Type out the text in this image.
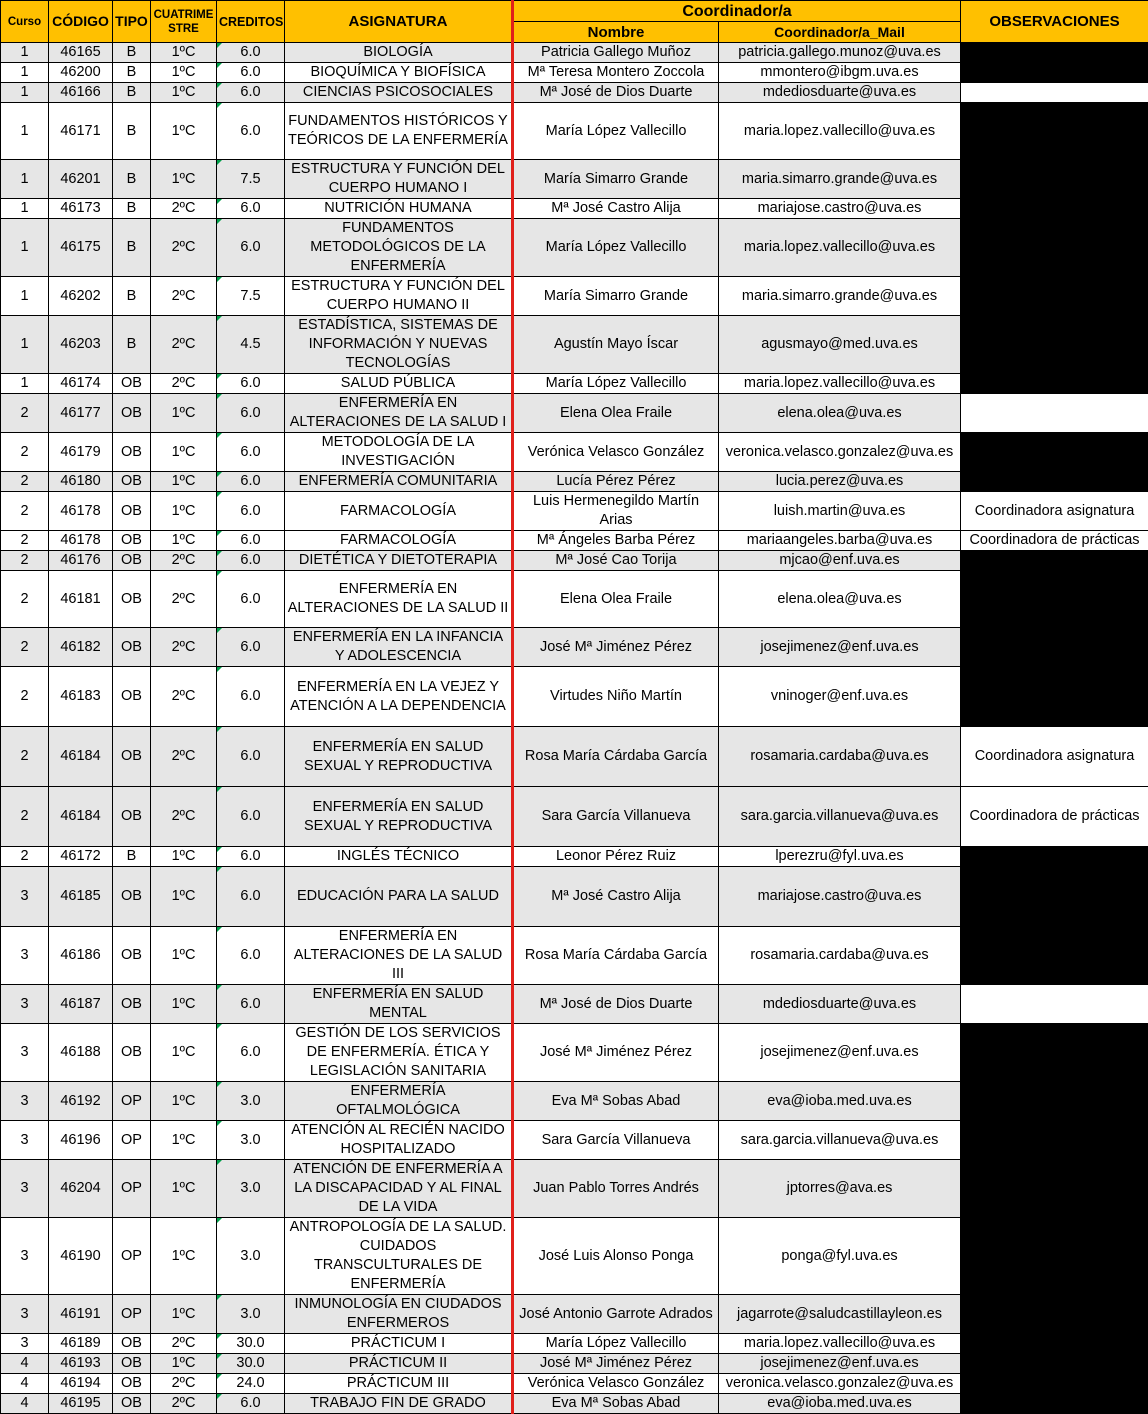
Curso	CÓDIGO	TIPO	CUATRIME STRE	CREDITOS	ASIGNATURA	Coordinador/a		OBSERVACIONES
						Nombre	Coordinador/a_Mail	
1	46165	B	1ºC	6.0	BIOLOGÍA	Patricia Gallego Muñoz	patricia.gallego.munoz@uva.es	
1	46200	B	1ºC	6.0	BIOQUÍMICA Y BIOFÍSICA	Mª Teresa Montero Zoccola	mmontero@ibgm.uva.es	
1	46166	B	1ºC	6.0	CIENCIAS PSICOSOCIALES	Mª José de Dios Duarte	mdediosduarte@uva.es	
1	46171	B	1ºC	6.0	FUNDAMENTOS HISTÓRICOS Y TEÓRICOS DE LA ENFERMERÍA	María López Vallecillo	maria.lopez.vallecillo@uva.es	
1	46201	B	1ºC	7.5	ESTRUCTURA Y FUNCIÓN DEL CUERPO HUMANO I	María Simarro Grande	maria.simarro.grande@uva.es	
1	46173	B	2ºC	6.0	NUTRICIÓN HUMANA	Mª José Castro Alija	mariajose.castro@uva.es	
1	46175	B	2ºC	6.0	FUNDAMENTOS METODOLÓGICOS DE LA ENFERMERÍA	María López Vallecillo	maria.lopez.vallecillo@uva.es	
1	46202	B	2ºC	7.5	ESTRUCTURA Y FUNCIÓN DEL CUERPO HUMANO II	María Simarro Grande	maria.simarro.grande@uva.es	
1	46203	B	2ºC	4.5	ESTADÍSTICA, SISTEMAS DE INFORMACIÓN Y NUEVAS TECNOLOGÍAS	Agustín Mayo Íscar	agusmayo@med.uva.es	
1	46174	OB	2ºC	6.0	SALUD PÚBLICA	María López Vallecillo	maria.lopez.vallecillo@uva.es	
2	46177	OB	1ºC	6.0	ENFERMERÍA EN ALTERACIONES DE LA SALUD I	Elena Olea Fraile	elena.olea@uva.es	
2	46179	OB	1ºC	6.0	METODOLOGÍA DE LA INVESTIGACIÓN	Verónica Velasco González	veronica.velasco.gonzalez@uva.es	
2	46180	OB	1ºC	6.0	ENFERMERÍA COMUNITARIA	Lucía Pérez Pérez	lucia.perez@uva.es	
2	46178	OB	1ºC	6.0	FARMACOLOGÍA	Luis Hermenegildo Martín Arias	luish.martin@uva.es	Coordinadora asignatura
2	46178	OB	1ºC	6.0	FARMACOLOGÍA	Mª Ángeles Barba Pérez	mariaangeles.barba@uva.es	Coordinadora de prácticas
2	46176	OB	2ºC	6.0	DIETÉTICA Y DIETOTERAPIA	Mª José Cao Torija	mjcao@enf.uva.es	
2	46181	OB	2ºC	6.0	ENFERMERÍA EN ALTERACIONES DE LA SALUD II	Elena Olea Fraile	elena.olea@uva.es	
2	46182	OB	2ºC	6.0	ENFERMERÍA EN LA INFANCIA Y ADOLESCENCIA	José Mª Jiménez Pérez	josejimenez@enf.uva.es	
2	46183	OB	2ºC	6.0	ENFERMERÍA EN LA VEJEZ Y ATENCIÓN A LA DEPENDENCIA	Virtudes Niño Martín	vninoger@enf.uva.es	
2	46184	OB	2ºC	6.0	ENFERMERÍA EN SALUD SEXUAL Y REPRODUCTIVA	Rosa María Cárdaba García	rosamaria.cardaba@uva.es	Coordinadora asignatura
2	46184	OB	2ºC	6.0	ENFERMERÍA EN SALUD SEXUAL Y REPRODUCTIVA	Sara García Villanueva	sara.garcia.villanueva@uva.es	Coordinadora de prácticas
2	46172	B	1ºC	6.0	INGLÉS TÉCNICO	Leonor Pérez Ruiz	lperezru@fyl.uva.es	
3	46185	OB	1ºC	6.0	EDUCACIÓN PARA LA SALUD	Mª José Castro Alija	mariajose.castro@uva.es	
3	46186	OB	1ºC	6.0	ENFERMERÍA EN ALTERACIONES DE LA SALUD III	Rosa María Cárdaba García	rosamaria.cardaba@uva.es	
3	46187	OB	1ºC	6.0	ENFERMERÍA EN SALUD MENTAL	Mª José de Dios Duarte	mdediosduarte@uva.es	
3	46188	OB	1ºC	6.0	GESTIÓN DE LOS SERVICIOS DE ENFERMERÍA. ÉTICA Y LEGISLACIÓN SANITARIA	José Mª Jiménez Pérez	josejimenez@enf.uva.es	
3	46192	OP	1ºC	3.0	ENFERMERÍA OFTALMOLÓGICA	Eva Mª Sobas Abad	eva@ioba.med.uva.es	
3	46196	OP	1ºC	3.0	ATENCIÓN AL RECIÉN NACIDO HOSPITALIZADO	Sara García Villanueva	sara.garcia.villanueva@uva.es	
3	46204	OP	1ºC	3.0	ATENCIÓN DE ENFERMERÍA A LA DISCAPACIDAD Y AL FINAL DE LA VIDA	Juan Pablo Torres Andrés	jptorres@ava.es	
3	46190	OP	1ºC	3.0	ANTROPOLOGÍA DE LA SALUD. CUIDADOS TRANSCULTURALES DE ENFERMERÍA	José Luis Alonso Ponga	ponga@fyl.uva.es	
3	46191	OP	1ºC	3.0	INMUNOLOGÍA EN CIUDADOS ENFERMEROS	José Antonio Garrote Adrados	jagarrote@saludcastillayleon.es	
3	46189	OB	2ºC	30.0	PRÁCTICUM I	María López Vallecillo	maria.lopez.vallecillo@uva.es	
4	46193	OB	1ºC	30.0	PRÁCTICUM II	José Mª Jiménez Pérez	josejimenez@enf.uva.es	
4	46194	OB	2ºC	24.0	PRÁCTICUM III	Verónica Velasco González	veronica.velasco.gonzalez@uva.es	
4	46195	OB	2ºC	6.0	TRABAJO FIN DE GRADO	Eva Mª Sobas Abad	eva@ioba.med.uva.es	
